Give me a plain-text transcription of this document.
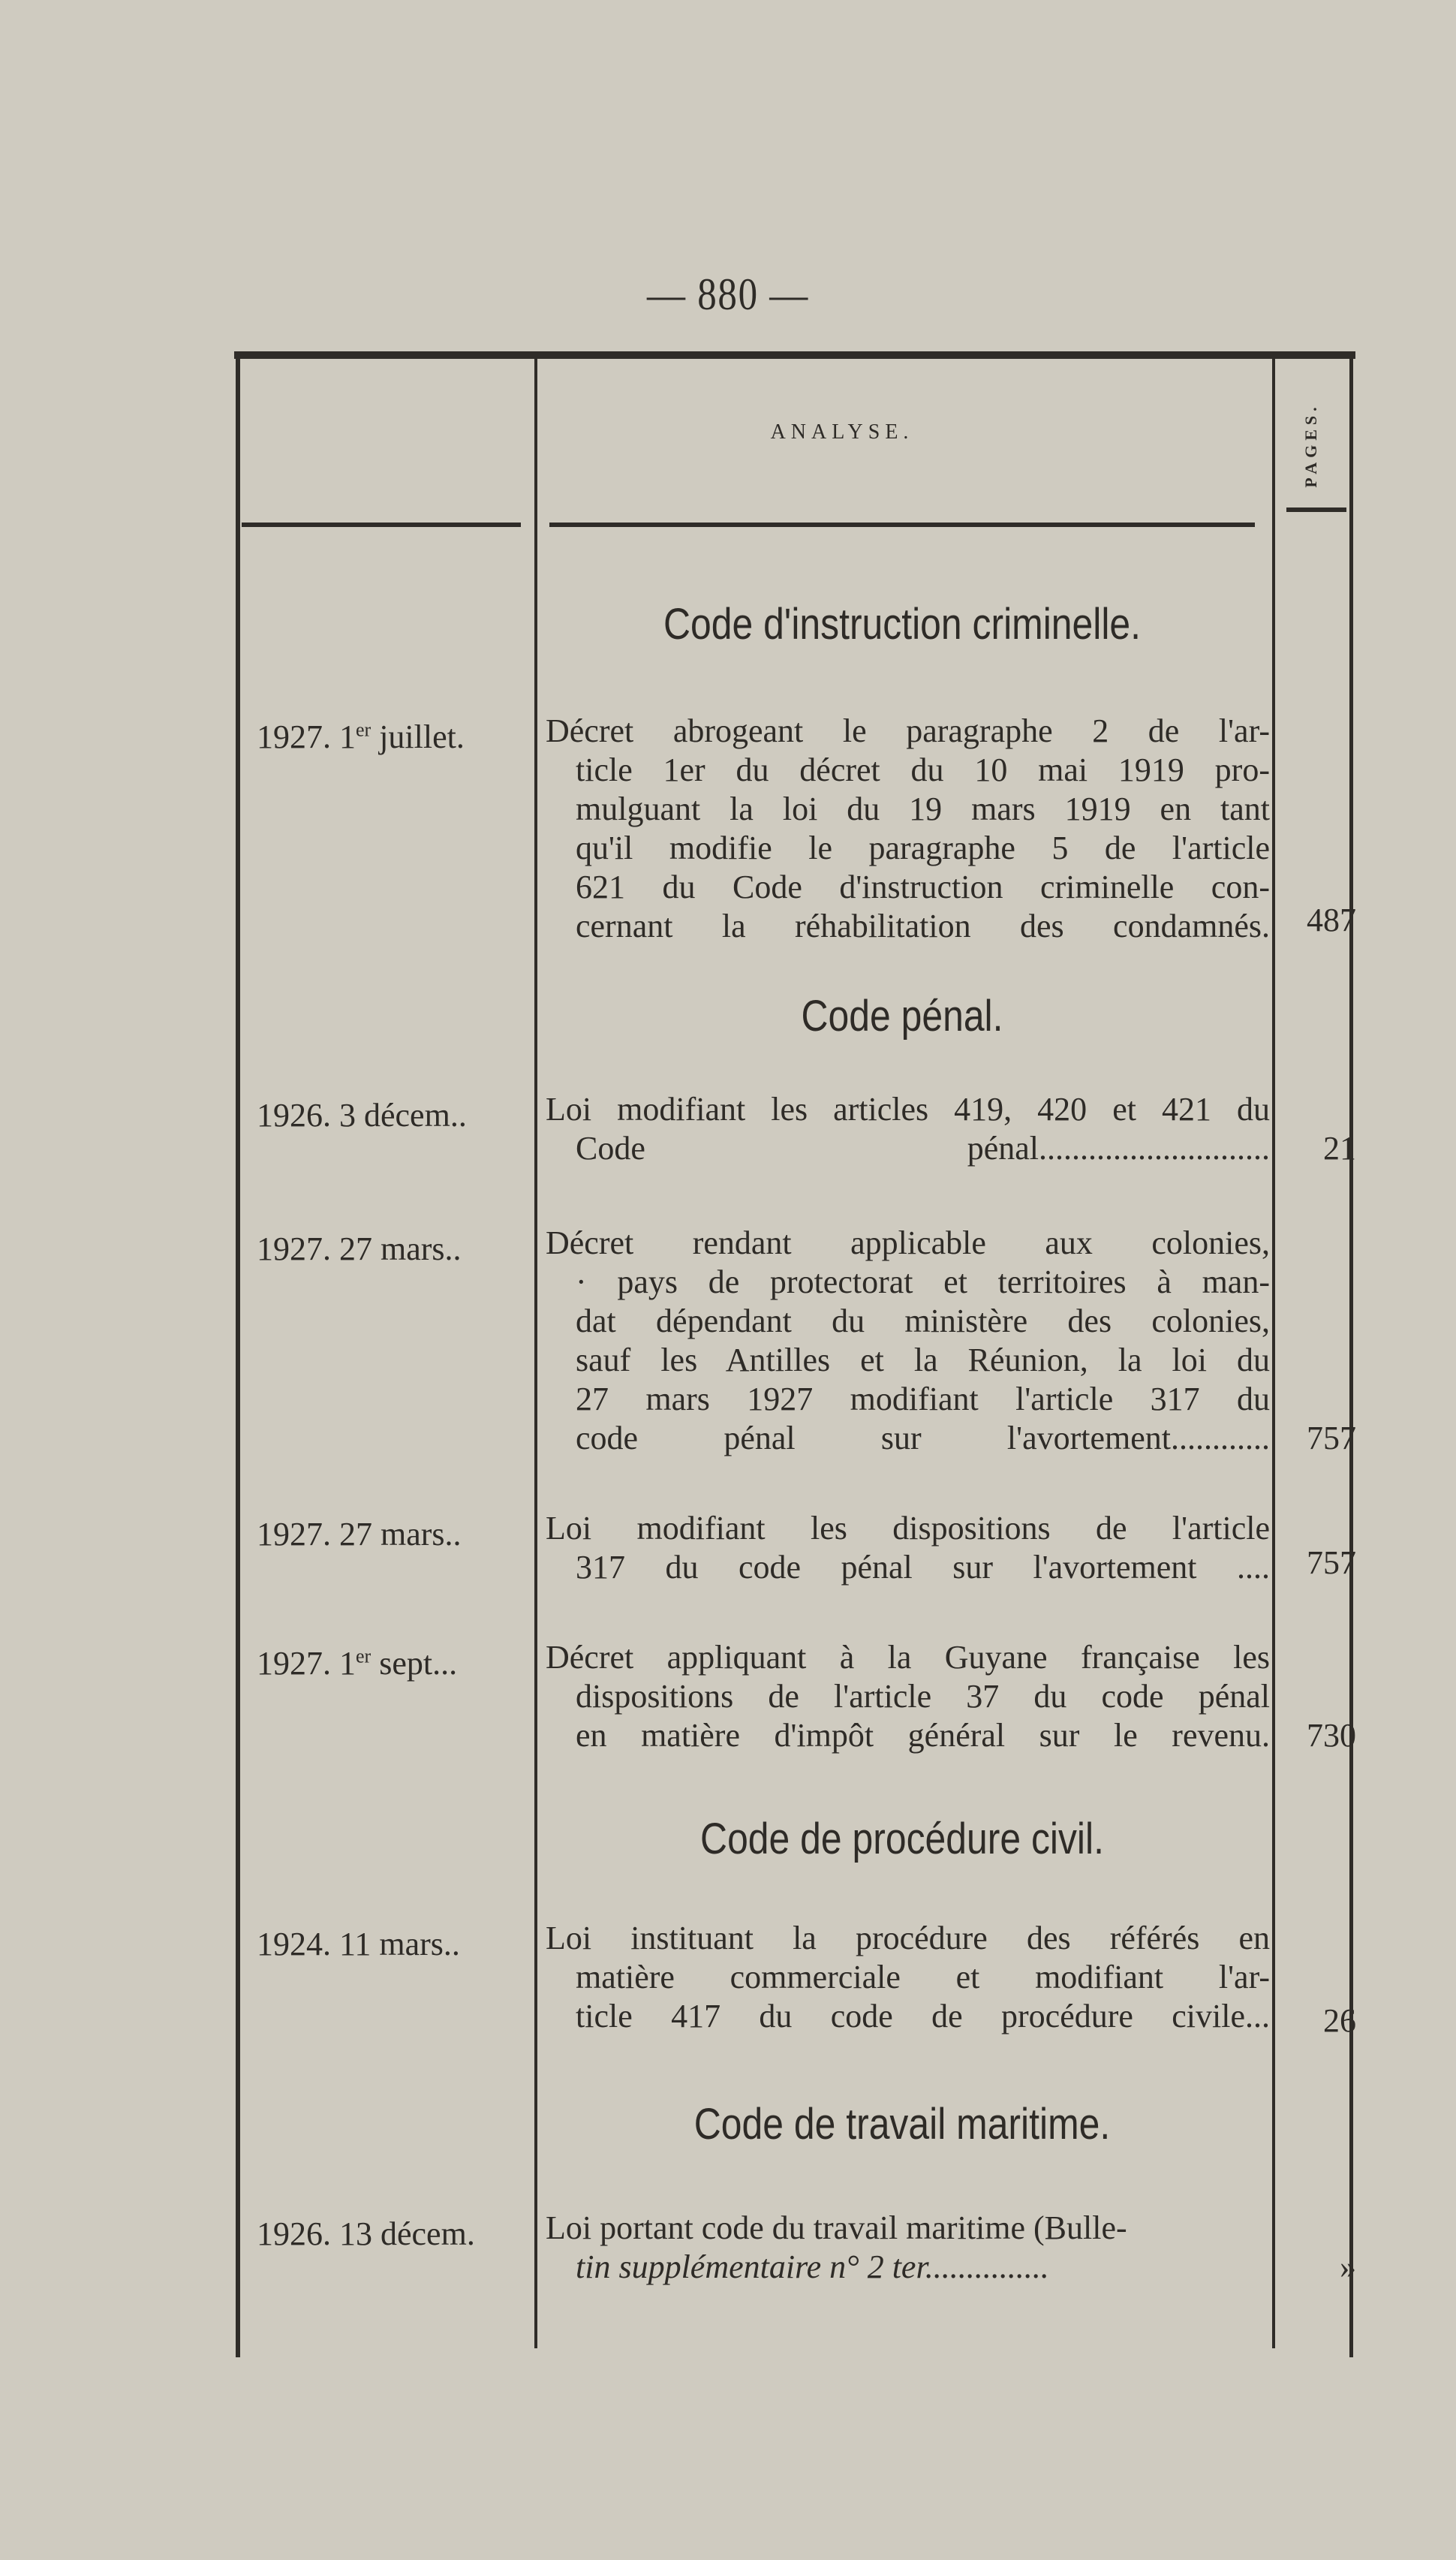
— 880 —
ANALYSE.	PAGES.
Code d'instruction criminelle.
1927. 1er juillet.	Décret abrogeant le paragraphe 2 de l'ar-
ticle 1er du décret du 10 mai 1919 pro-
mulguant la loi du 19 mars 1919 en tant
qu'il modifie le paragraphe 5 de l'article
621 du Code d'instruction criminelle con-
cernant la réhabilitation des condamnés.	487
Code pénal.
1926. 3 décem..	Loi modifiant les articles 419, 420 et 421 du
Code pénal............................	21
1927. 27 mars..	Décret rendant applicable aux colonies,
· pays de protectorat et territoires à man-
dat dépendant du ministère des colonies,
sauf les Antilles et la Réunion, la loi du
27 mars 1927 modifiant l'article 317 du
code pénal sur l'avortement............	757
1927. 27 mars..	Loi modifiant les dispositions de l'article
317 du code pénal sur l'avortement ....	757
1927. 1er sept...	Décret appliquant à la Guyane française les
dispositions de l'article 37 du code pénal
en matière d'impôt général sur le revenu.	730
Code de procédure civil.
1924. 11 mars..	Loi instituant la procédure des référés en
matière commerciale et modifiant l'ar-
ticle 417 du code de procédure civile...	26
Code de travail maritime.
1926. 13 décem.	Loi portant code du travail maritime (Bulle-
tin supplémentaire n° 2 ter...............	»
